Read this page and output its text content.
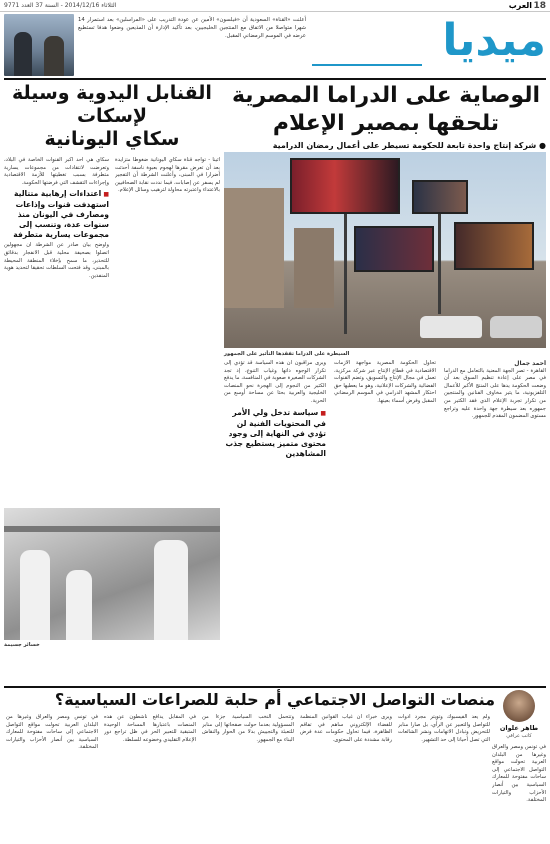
18
العرب
الثلاثاء 2014/12/16 - السنة 37 العدد 9771
أعلنت «القناة» السعودية أن «فيلسون» الأمين عن عودة التدريب على «المراسلين» بعد استمرار 14 شهرا متواصلا من الاتفاق مع المنتجين الخليجيين، بعد تأكيد الإدارة أن المذيعين وضعوا هدفا تستطيع عرضه في الموسم الرمضاني المقبل.	ميديا
الوصاية على الدراما المصرية
تلحقها بمصير الإعلام
● شركة إنتاج واحدة تابعة للحكومة تسيطر على أعمال رمضان الدرامية
السيطرة على الدراما تفقدها التأثير على الجمهور
أحمد جمال
القاهرة - تصر الجهة المعنية بالتعامل مع الدراما في مصر على إعادة تنظيم السوق بعد أن وضعت الحكومة يدها على المنتج الأكبر للأعمال التلفزيونية، ما يثير مخاوف الفنانين والمنتجين من تكرار تجربة الإعلام الذي فقد الكثير من جمهوره بعد سيطرة جهة واحدة عليه وتراجع مستوى المضمون المقدم للجمهور.
تحاول الحكومة المصرية مواجهة الأزمات الاقتصادية في قطاع الإنتاج عبر شركة مركزية، تعمل في مجال الإنتاج والتسويق، وتضم القنوات الفضائية والشركات الإعلانية، وهو ما يعطيها حق احتكار المشهد الدرامي في الموسم الرمضاني المقبل وفرض أسماء بعينها.
ويرى مراقبون أن هذه السياسة قد تؤدي إلى تكرار الوجوه ذاتها وغياب التنوع، إذ تجد الشركات الصغيرة صعوبة في المنافسة، ما يدفع الكثير من النجوم إلى الهجرة نحو المنصات الخليجية والعربية بحثا عن مساحة أوسع من الحرية.
■ سياسة تدخل ولي الأمر في المحتويات الفنية لن تؤدي في النهاية إلى وجود محتوى متميز يستطيع جذب المشاهدين
القنابل اليدوية وسيلة لإسكات
سكاي اليونانية
أثينا - تواجه قناة سكاي اليونانية ضغوطا متزايدة بعد أن تعرض مقرها لهجوم بعبوة ناسفة أحدثت أضرارا في المبنى، وأعلنت الشرطة أن التفجير لم يسفر عن إصابات، فيما نددت نقابة الصحافيين بالاعتداء واعتبرته محاولة لترهيب وسائل الإعلام.
سكاي هي أحد أكبر القنوات الخاصة في البلاد، وتعرضت لانتقادات من مجموعات يسارية متطرفة بسبب تغطيتها للأزمة الاقتصادية وإجراءات التقشف التي فرضتها الحكومة.
■ اعتداءات إرهابية متتالية استهدفت قنوات وإذاعات ومصارف في اليونان منذ سنوات عدة، وتنسب إلى مجموعات يسارية متطرفة
وأوضح بيان صادر عن الشرطة أن مجهولين اتصلوا بصحيفة محلية قبل الانفجار بدقائق للتحذير، ما سمح بإخلاء المنطقة المحيطة بالمبنى، وقد فتحت السلطات تحقيقا لتحديد هوية المنفذين.
خسائر جسيمة
منصات التواصل الاجتماعي أم حلبة للصراعات السياسية؟
طاهر علوان
كاتب عراقي
في تونس ومصر والعراق وغيرها من البلدان العربية تحولت مواقع التواصل الاجتماعي إلى ساحات مفتوحة للمعارك السياسية بين أنصار الأحزاب والتيارات المختلفة.
ولم يعد الفيسبوك وتويتر مجرد أدوات للتواصل والتعبير عن الرأي، بل صارا منابر للتحريض وتبادل الاتهامات ونشر الشائعات التي تصل أحيانا إلى حد التشهير.
ويرى خبراء أن غياب القوانين المنظمة للفضاء الإلكتروني ساهم في تفاقم الظاهرة، فيما تحاول حكومات عدة فرض رقابة مشددة على المحتوى.
وتتحمل النخب السياسية جزءا من المسؤولية بعدما حولت صفحاتها إلى منابر للتعبئة والتجييش بدلا من الحوار والنقاش البناء مع الجمهور.
في المقابل يدافع ناشطون عن هذه المنصات باعتبارها المساحة الوحيدة المتبقية للتعبير الحر في ظل تراجع دور الإعلام التقليدي وخضوعه للسلطة.
في تونس ومصر والعراق وغيرها من البلدان العربية تحولت مواقع التواصل الاجتماعي إلى ساحات مفتوحة للمعارك السياسية بين أنصار الأحزاب والتيارات المختلفة.
